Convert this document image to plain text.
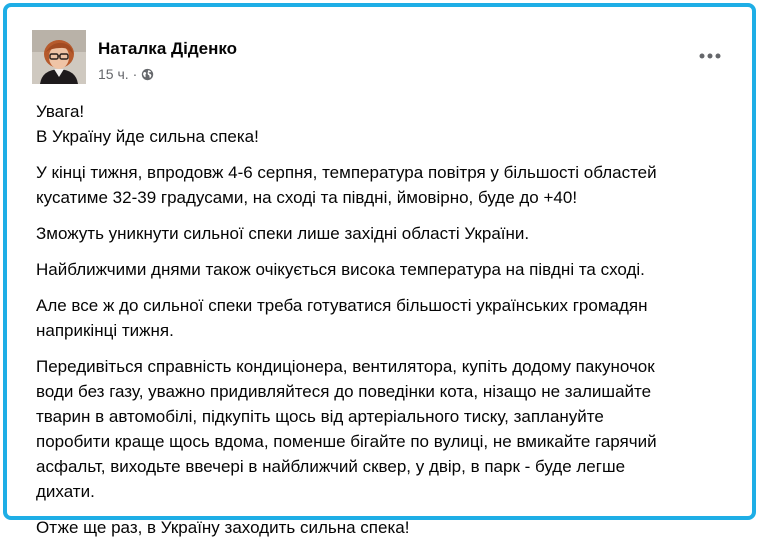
Наталка Діденко
15 ч. ·

Увага!
В Україну йде сильна спека!

У кінці тижня, впродовж 4-6 серпня, температура повітря у більшості областей
кусатиме 32-39 градусами, на сході та півдні, ймовірно, буде до +40!

Зможуть уникнути сильної спеки лише західні області України.

Найближчими днями також очікується висока температура на півдні та сході.

Але все ж до сильної спеки треба готуватися більшості українських громадян
наприкінці тижня.

Передивіться справність кондиціонера, вентилятора, купіть додому пакуночок
води без газу, уважно придивляйтеся до поведінки кота, нізащо не залишайте
тварин в автомобілі, підкупіть щось від артеріального тиску, заплануйте
поробити краще щось вдома, поменше бігайте по вулиці, не вмикайте гарячий
асфальт, виходьте ввечері в найближчий сквер, у двір, в парк - буде легше
дихати.

Отже ще раз, в Україну заходить сильна спека!
